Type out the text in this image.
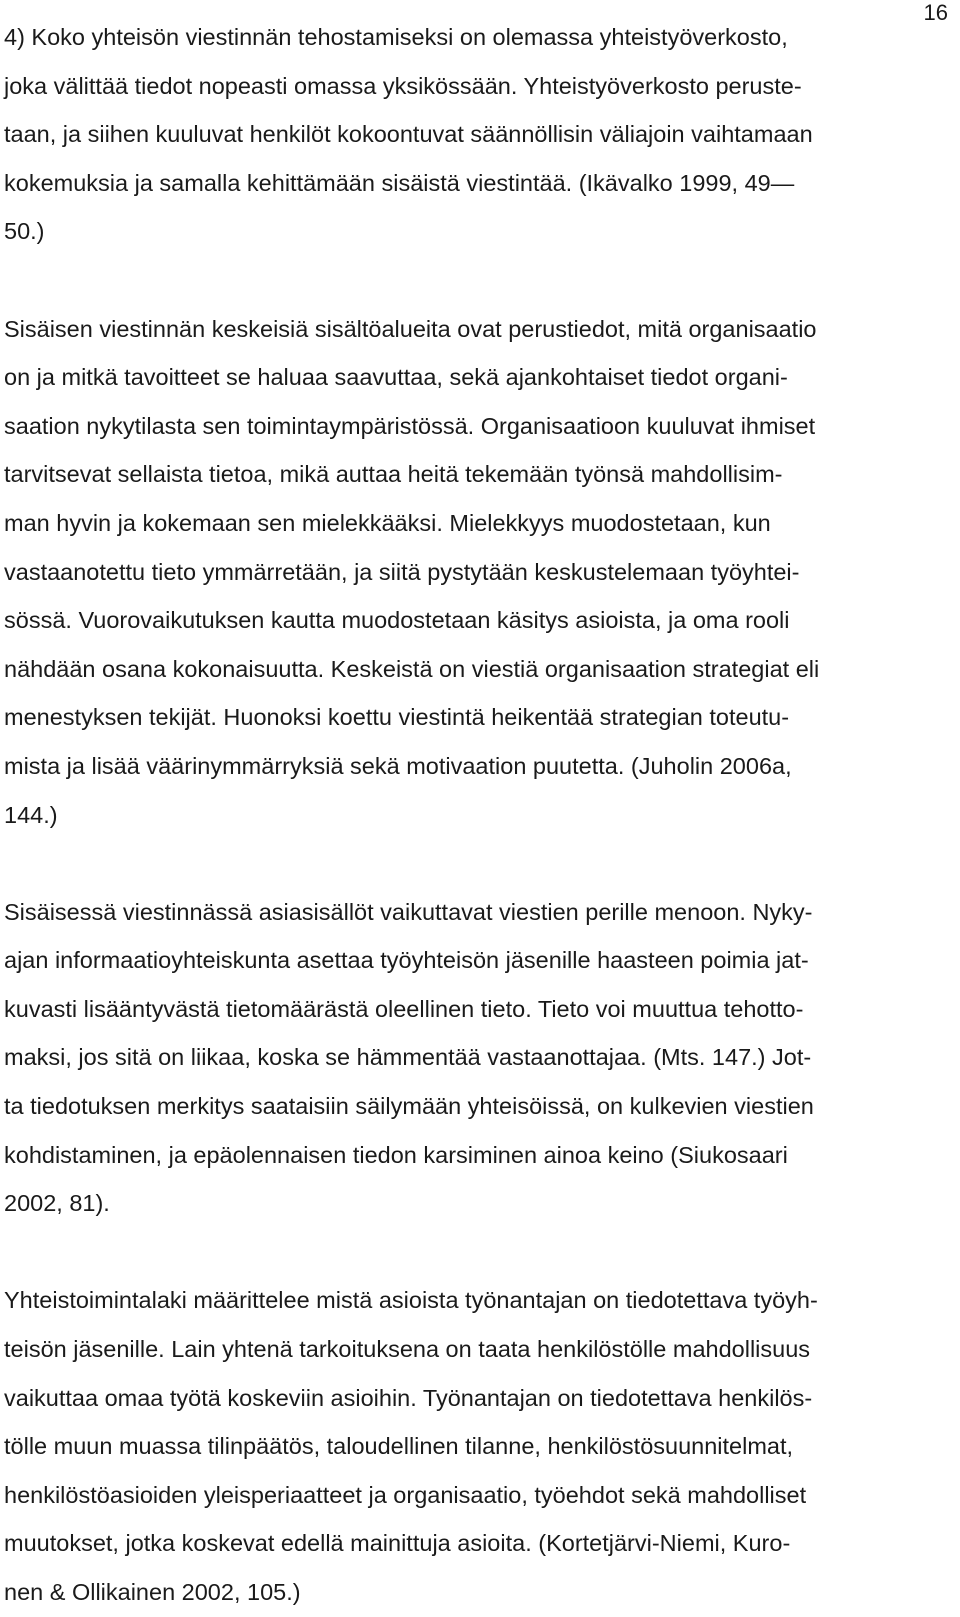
16
4) Koko yhteisön viestinnän tehostamiseksi on olemassa yhteistyöverkosto,
joka välittää tiedot nopeasti omassa yksikössään. Yhteistyöverkosto peruste-
taan, ja siihen kuuluvat henkilöt kokoontuvat säännöllisin väliajoin vaihtamaan
kokemuksia ja samalla kehittämään sisäistä viestintää. (Ikävalko 1999, 49—
50.)
Sisäisen viestinnän keskeisiä sisältöalueita ovat perustiedot, mitä organisaatio
on ja mitkä tavoitteet se haluaa saavuttaa, sekä ajankohtaiset tiedot organi-
saation nykytilasta sen toimintaympäristössä. Organisaatioon kuuluvat ihmiset
tarvitsevat sellaista tietoa, mikä auttaa heitä tekemään työnsä mahdollisim-
man hyvin ja kokemaan sen mielekkääksi. Mielekkyys muodostetaan, kun
vastaanotettu tieto ymmärretään, ja siitä pystytään keskustelemaan työyhtei-
sössä. Vuorovaikutuksen kautta muodostetaan käsitys asioista, ja oma rooli
nähdään osana kokonaisuutta. Keskeistä on viestiä organisaation strategiat eli
menestyksen tekijät. Huonoksi koettu viestintä heikentää strategian toteutu-
mista ja lisää väärinymmärryksiä sekä motivaation puutetta. (Juholin 2006a,
144.)
Sisäisessä viestinnässä asiasisällöt vaikuttavat viestien perille menoon. Nyky-
ajan informaatioyhteiskunta asettaa työyhteisön jäsenille haasteen poimia jat-
kuvasti lisääntyvästä tietomäärästä oleellinen tieto. Tieto voi muuttua tehotto-
maksi, jos sitä on liikaa, koska se hämmentää vastaanottajaa. (Mts. 147.) Jot-
ta tiedotuksen merkitys saataisiin säilymään yhteisöissä, on kulkevien viestien
kohdistaminen, ja epäolennaisen tiedon karsiminen ainoa keino (Siukosaari
2002, 81).
Yhteistoimintalaki määrittelee mistä asioista työnantajan on tiedotettava työyh-
teisön jäsenille. Lain yhtenä tarkoituksena on taata henkilöstölle mahdollisuus
vaikuttaa omaa työtä koskeviin asioihin. Työnantajan on tiedotettava henkilös-
tölle muun muassa tilinpäätös, taloudellinen tilanne, henkilöstösuunnitelmat,
henkilöstöasioiden yleisperiaatteet ja organisaatio, työehdot sekä mahdolliset
muutokset, jotka koskevat edellä mainittuja asioita. (Kortetjärvi-Niemi, Kuro-
nen & Ollikainen 2002, 105.)
